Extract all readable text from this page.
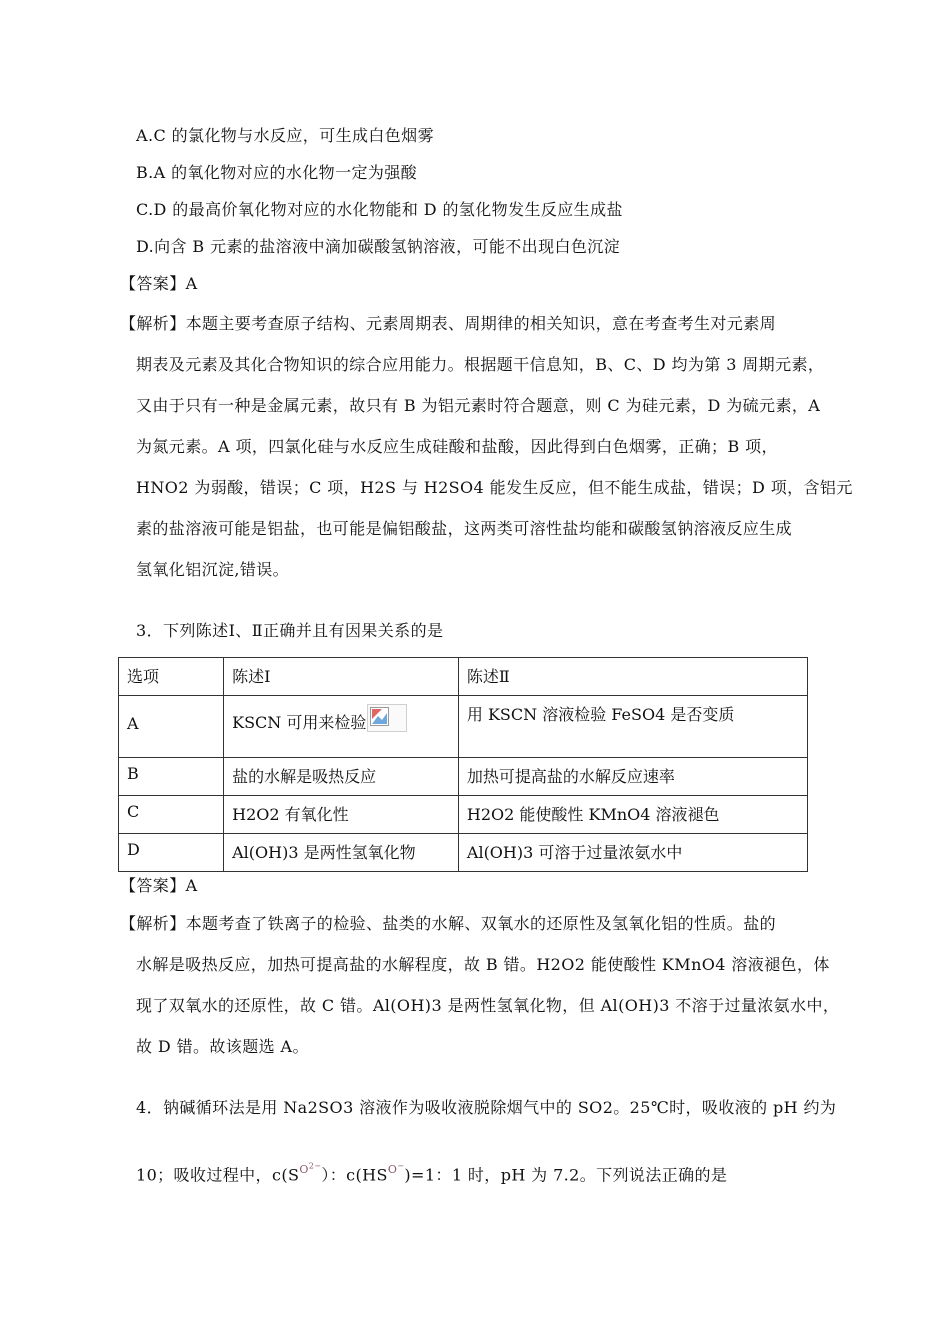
A.C 的氯化物与水反应，可生成白色烟雾
B.A 的氧化物对应的水化物一定为强酸
C.D 的最高价氧化物对应的水化物能和 D 的氢化物发生反应生成盐
D.向含 B 元素的盐溶液中滴加碳酸氢钠溶液，可能不出现白色沉淀
【答案】A
【解析】本题主要考查原子结构、元素周期表、周期律的相关知识，意在考查考生对元素周
期表及元素及其化合物知识的综合应用能力。根据题干信息知，B、C、D 均为第 3 周期元素，
又由于只有一种是金属元素，故只有 B 为铝元素时符合题意，则 C 为硅元素，D 为硫元素，A
为氮元素。A 项，四氯化硅与水反应生成硅酸和盐酸，因此得到白色烟雾，正确；B 项，
HNO2 为弱酸，错误；C 项，H2S 与 H2SO4 能发生反应，但不能生成盐，错误；D 项，含铝元
素的盐溶液可能是铝盐，也可能是偏铝酸盐，这两类可溶性盐均能和碳酸氢钠溶液反应生成
氢氧化铝沉淀,错误。
3．下列陈述Ⅰ、Ⅱ正确并且有因果关系的是
选项	陈述Ⅰ	陈述Ⅱ
A	KSCN 可用来检验	用 KSCN 溶液检验 FeSO4 是否变质
B	盐的水解是吸热反应	加热可提高盐的水解反应速率
C	H2O2 有氧化性	H2O2 能使酸性 KMnO4 溶液褪色
D	Al(OH)3 是两性氢氧化物	Al(OH)3 可溶于过量浓氨水中
【答案】A
【解析】本题考查了铁离子的检验、盐类的水解、双氧水的还原性及氢氧化铝的性质。盐的
水解是吸热反应，加热可提高盐的水解程度，故 B 错。H2O2 能使酸性 KMnO4 溶液褪色，体
现了双氧水的还原性，故 C 错。Al(OH)3 是两性氢氧化物，但 Al(OH)3 不溶于过量浓氨水中，
故 D 错。故该题选 A。
4．钠碱循环法是用 Na2SO3 溶液作为吸收液脱除烟气中的 SO2。25℃时，吸收液的 pH 约为
10；吸收过程中，$c(S^{O^{2-}})$：$c(HS^{O^-})=1$：1 时，pH 为 7.2。下列说法正确的是
